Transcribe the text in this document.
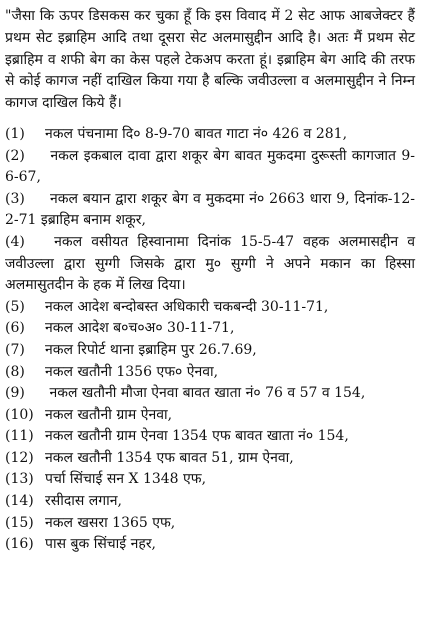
"जैसा कि ऊपर डिसकस कर चुका हूँ कि इस विवाद में 2 सेट आफ आबजेक्टर हैं प्रथम सेट इब्राहिम आदि तथा दूसरा सेट अलमासुद्दीन आदि है। अतः मैं प्रथम सेट इब्राहिम व शफी बेग का केस पहले टेकअप करता हूं। इब्राहिम बेग आदि की तरफ से कोई कागज नहीं दाखिल किया गया है बल्कि जवीउल्ला व अलमासुद्दीन ने निम्न कागज दाखिल किये हैं।

(1)	नकल पंचनामा दि० 8-9-70 बावत गाटा नं० 426 व 281,
(2) नकल इकबाल दावा द्वारा शकूर बेग बावत मुकदमा दुरूस्ती कागजात 9-6-67,
(3) नकल बयान द्वारा शकूर बेग व मुकदमा नं० 2663 धारा 9, दिनांक-12-2-71 इब्राहिम बनाम शकूर,
(4) नकल वसीयत हिस्वानामा दिनांक 15-5-47 वहक अलमासद्दीन व जवीउल्ला द्वारा सुग्गी जिसके द्वारा मु० सुग्गी ने अपने मकान का हिस्सा अलमासुतदीन के हक में लिख दिया।
(5)	नकल आदेश बन्दोबस्त अधिकारी चकबन्दी 30-11-71,
(6)	नकल आदेश ब०च०अ० 30-11-71,
(7)	नकल रिपोर्ट थाना इब्राहिम पुर 26.7.69,
(8)	नकल खतौनी 1356 एफ० ऐनवा,
(9) नकल खतौनी मौजा ऐनवा बावत खाता नं० 76 व 57 व 154,
(10) नकल खतौनी ग्राम ऐनवा,
(11) नकल खतौनी ग्राम ऐनवा 1354 एफ बावत खाता नं० 154,
(12) नकल खतौनी 1354 एफ बावत 51, ग्राम ऐनवा,
(13) पर्चा सिंचाई सन X 1348 एफ,
(14) रसीदास लगान,
(15) नकल खसरा 1365 एफ,
(16) पास बुक सिंचाई नहर,
